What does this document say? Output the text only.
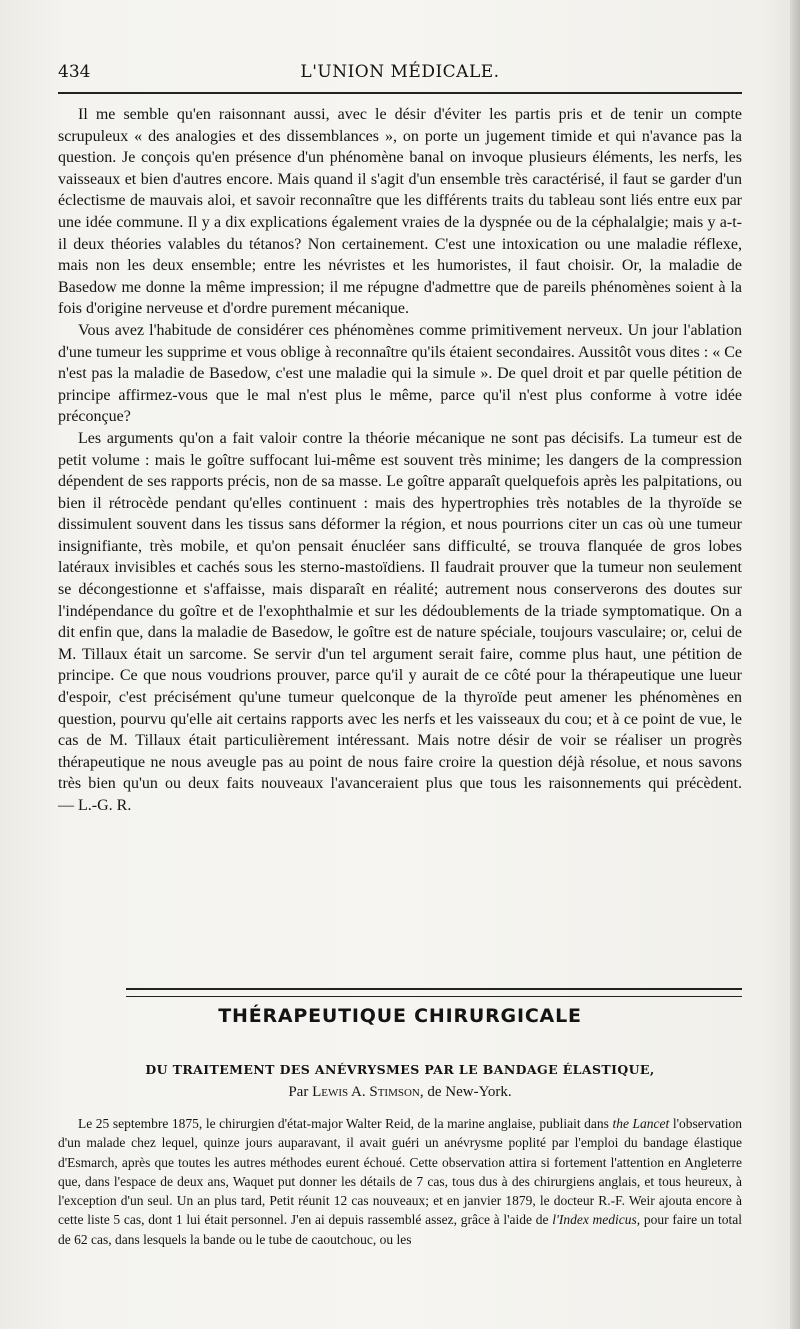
434	L'UNION MÉDICALE.

Il me semble qu'en raisonnant aussi, avec le désir d'éviter les partis pris et de tenir un compte scrupuleux « des analogies et des dissemblances », on porte un jugement timide et qui n'avance pas la question. Je conçois qu'en présence d'un phénomène banal on invoque plusieurs éléments, les nerfs, les vaisseaux et bien d'autres encore. Mais quand il s'agit d'un ensemble très caractérisé, il faut se garder d'un éclectisme de mauvais aloi, et savoir reconnaître que les différents traits du tableau sont liés entre eux par une idée commune. Il y a dix explications également vraies de la dyspnée ou de la céphalalgie; mais y a-t-il deux théories valables du tétanos? Non certainement. C'est une intoxication ou une maladie réflexe, mais non les deux ensemble; entre les névristes et les humoristes, il faut choisir. Or, la maladie de Basedow me donne la même impression; il me répugne d'admettre que de pareils phénomènes soient à la fois d'origine nerveuse et d'ordre purement mécanique.

Vous avez l'habitude de considérer ces phénomènes comme primitivement nerveux. Un jour l'ablation d'une tumeur les supprime et vous oblige à reconnaître qu'ils étaient secondaires. Aussitôt vous dites : « Ce n'est pas la maladie de Basedow, c'est une maladie qui la simule ». De quel droit et par quelle pétition de principe affirmez-vous que le mal n'est plus le même, parce qu'il n'est plus conforme à votre idée préconçue?

Les arguments qu'on a fait valoir contre la théorie mécanique ne sont pas décisifs. La tumeur est de petit volume : mais le goître suffocant lui-même est souvent très minime; les dangers de la compression dépendent de ses rapports précis, non de sa masse. Le goître apparaît quelquefois après les palpitations, ou bien il rétrocède pendant qu'elles continuent : mais des hypertrophies très notables de la thyroïde se dissimulent souvent dans les tissus sans déformer la région, et nous pourrions citer un cas où une tumeur insignifiante, très mobile, et qu'on pensait énucléer sans difficulté, se trouva flanquée de gros lobes latéraux invisibles et cachés sous les sterno-mastoïdiens. Il faudrait prouver que la tumeur non seulement se décongestionne et s'affaisse, mais disparaît en réalité; autrement nous conserverons des doutes sur l'indépendance du goître et de l'exophthalmie et sur les dédoublements de la triade symptomatique. On a dit enfin que, dans la maladie de Basedow, le goître est de nature spéciale, toujours vasculaire; or, celui de M. Tillaux était un sarcome. Se servir d'un tel argument serait faire, comme plus haut, une pétition de principe. Ce que nous voudrions prouver, parce qu'il y aurait de ce côté pour la thérapeutique une lueur d'espoir, c'est précisément qu'une tumeur quelconque de la thyroïde peut amener les phénomènes en question, pourvu qu'elle ait certains rapports avec les nerfs et les vaisseaux du cou; et à ce point de vue, le cas de M. Tillaux était particulièrement intéressant. Mais notre désir de voir se réaliser un progrès thérapeutique ne nous aveugle pas au point de nous faire croire la question déjà résolue, et nous savons très bien qu'un ou deux faits nouveaux l'avanceraient plus que tous les raisonnements qui précèdent. — L.-G. R.

THÉRAPEUTIQUE CHIRURGICALE
DU TRAITEMENT DES ANÉVRYSMES PAR LE BANDAGE ÉLASTIQUE,
Par Lewis A. Stimson, de New-York.

Le 25 septembre 1875, le chirurgien d'état-major Walter Reid, de la marine anglaise, publiait dans the Lancet l'observation d'un malade chez lequel, quinze jours auparavant, il avait guéri un anévrysme poplité par l'emploi du bandage élastique d'Esmarch, après que toutes les autres méthodes eurent échoué. Cette observation attira si fortement l'attention en Angleterre que, dans l'espace de deux ans, Waquet put donner les détails de 7 cas, tous dus à des chirurgiens anglais, et tous heureux, à l'exception d'un seul. Un an plus tard, Petit réunit 12 cas nouveaux; et en janvier 1879, le docteur R.-F. Weir ajouta encore à cette liste 5 cas, dont 1 lui était personnel. J'en ai depuis rassemblé assez, grâce à l'aide de l'Index medicus, pour faire un total de 62 cas, dans lesquels la bande ou le tube de caoutchouc, ou les
